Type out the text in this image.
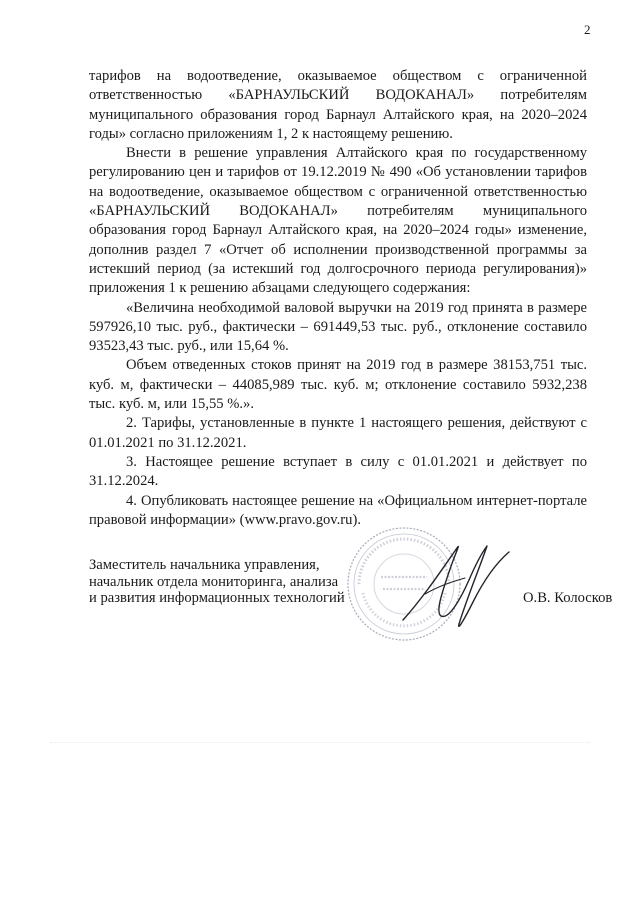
2

тарифов на водоотведение, оказываемое обществом с ограниченной ответственностью «БАРНАУЛЬСКИЙ ВОДОКАНАЛ» потребителям муниципального образования город Барнаул Алтайского края, на 2020–2024 годы» согласно приложениям 1, 2 к настоящему решению.

Внести в решение управления Алтайского края по государственному регулированию цен и тарифов от 19.12.2019 № 490 «Об установлении тарифов на водоотведение, оказываемое обществом с ограниченной ответственностью «БАРНАУЛЬСКИЙ ВОДОКАНАЛ» потребителям муниципального образования город Барнаул Алтайского края, на 2020–2024 годы» изменение, дополнив раздел 7 «Отчет об исполнении производственной программы за истекший период (за истекший год долгосрочного периода регулирования)» приложения 1 к решению абзацами следующего содержания:

«Величина необходимой валовой выручки на 2019 год принята в размере 597926,10 тыс. руб., фактически – 691449,53 тыс. руб., отклонение составило 93523,43 тыс. руб., или 15,64 %.

Объем отведенных стоков принят на 2019 год в размере 38153,751 тыс. куб. м, фактически – 44085,989 тыс. куб. м; отклонение составило 5932,238 тыс. куб. м, или 15,55 %.».

2. Тарифы, установленные в пункте 1 настоящего решения, действуют с 01.01.2021 по 31.12.2021.

3. Настоящее решение вступает в силу с 01.01.2021 и действует по 31.12.2024.

4. Опубликовать настоящее решение на «Официальном интернет-портале правовой информации» (www.pravo.gov.ru).

Заместитель начальника управления,
начальник отдела мониторинга, анализа
и развития информационных технологий	О.В. Колосков
